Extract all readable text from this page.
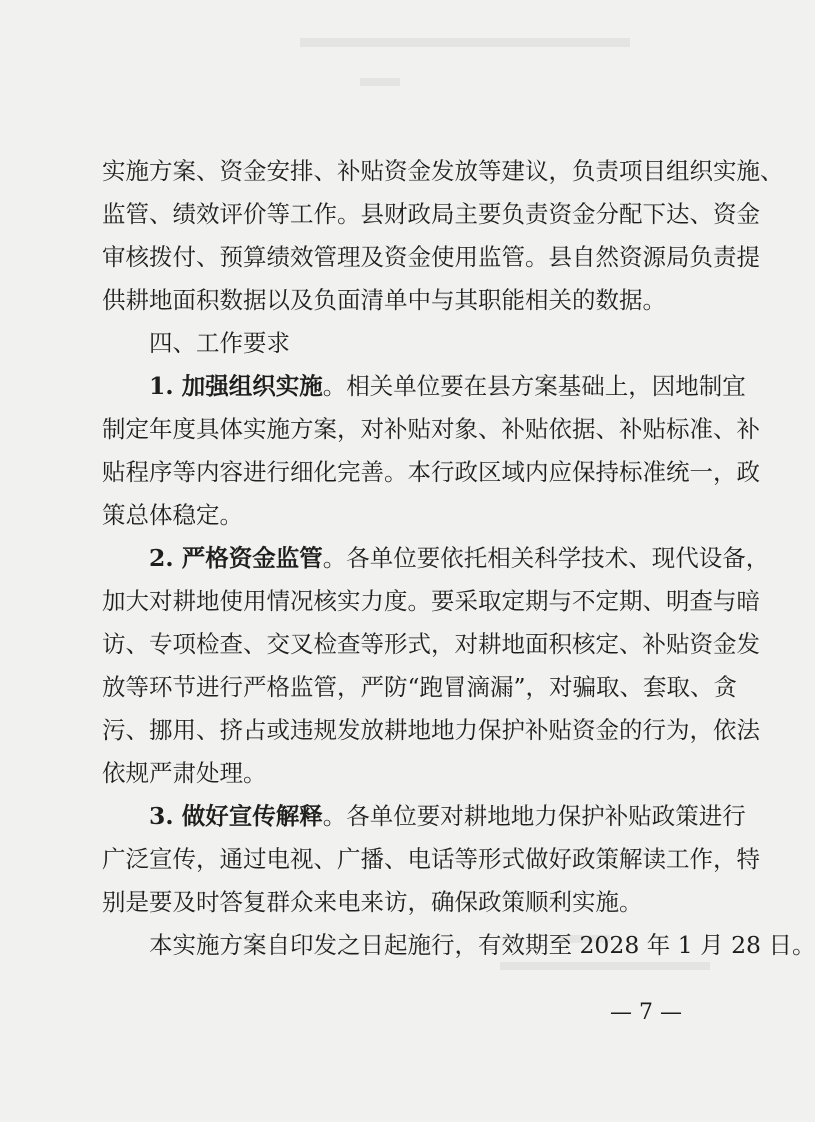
实施方案、资金安排、补贴资金发放等建议，负责项目组织实施、
监管、绩效评价等工作。县财政局主要负责资金分配下达、资金
审核拨付、预算绩效管理及资金使用监管。县自然资源局负责提
供耕地面积数据以及负面清单中与其职能相关的数据。
四、工作要求
1. 加强组织实施。相关单位要在县方案基础上，因地制宜
制定年度具体实施方案，对补贴对象、补贴依据、补贴标准、补
贴程序等内容进行细化完善。本行政区域内应保持标准统一，政
策总体稳定。
2. 严格资金监管。各单位要依托相关科学技术、现代设备，
加大对耕地使用情况核实力度。要采取定期与不定期、明查与暗
访、专项检查、交叉检查等形式，对耕地面积核定、补贴资金发
放等环节进行严格监管，严防“跑冒滴漏”，对骗取、套取、贪
污、挪用、挤占或违规发放耕地地力保护补贴资金的行为，依法
依规严肃处理。
3. 做好宣传解释。各单位要对耕地地力保护补贴政策进行
广泛宣传，通过电视、广播、电话等形式做好政策解读工作，特
别是要及时答复群众来电来访，确保政策顺利实施。
本实施方案自印发之日起施行，有效期至 2028 年 1 月 28 日。
— 7 —
